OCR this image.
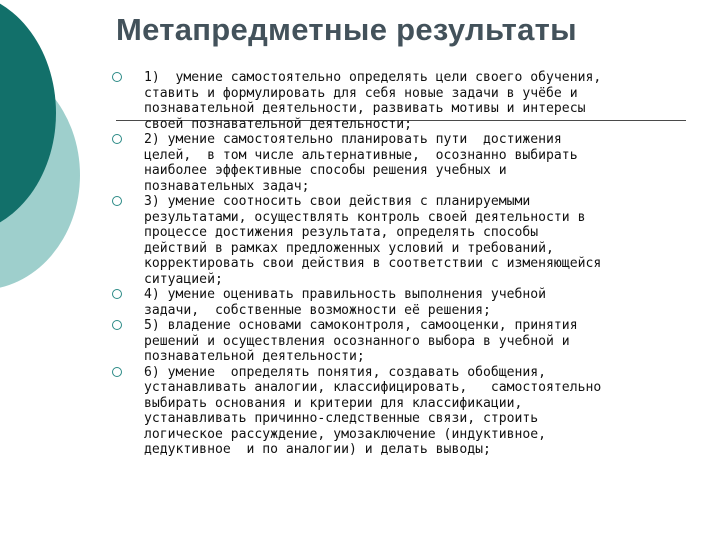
Метапредметные результаты
1)  умение самостоятельно определять цели своего обучения,
ставить и формулировать для себя новые задачи в учёбе и
познавательной деятельности, развивать мотивы и интересы
своей познавательной деятельности;
2) умение самостоятельно планировать пути  достижения
целей,  в том числе альтернативные,  осознанно выбирать
наиболее эффективные способы решения учебных и
познавательных задач;
3) умение соотносить свои действия с планируемыми
результатами, осуществлять контроль своей деятельности в
процессе достижения результата, определять способы
действий в рамках предложенных условий и требований,
корректировать свои действия в соответствии с изменяющейся
ситуацией;
4) умение оценивать правильность выполнения учебной
задачи,  собственные возможности её решения;
5) владение основами самоконтроля, самооценки, принятия
решений и осуществления осознанного выбора в учебной и
познавательной деятельности;
6) умение  определять понятия, создавать обобщения,
устанавливать аналогии, классифицировать,   самостоятельно
выбирать основания и критерии для классификации,
устанавливать причинно-следственные связи, строить
логическое рассуждение, умозаключение (индуктивное,
дедуктивное  и по аналогии) и делать выводы;
